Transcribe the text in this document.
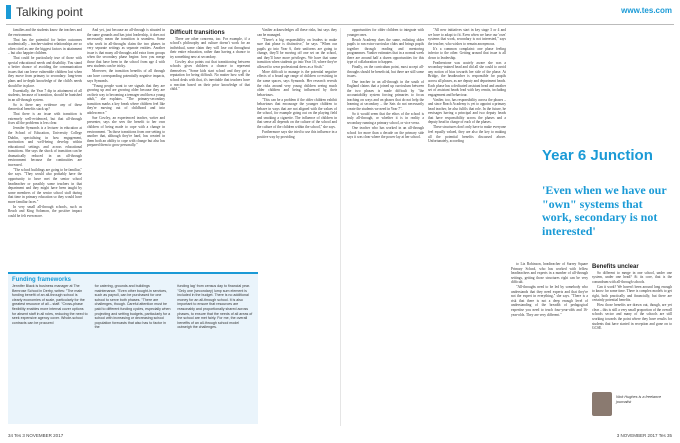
Talking point	www.tes.com

families and the students know the teachers and the environment.

That has the potential for better outcomes academically – teacher-student relationships are so often cited as one the biggest factors in attainment – but also happier children.

That could be particularly true of those with special educational needs and disability. You stand a better chance of avoiding the communication issues that can leave vulnerable children lost when they move from primary to secondary: long-term plans and in-depth knowledge of the child's needs should be in place.

Essentially, the Year 7 dip in attainment of all students, because of transition, should be banished in an all-through system.

So is there any evidence any of these theoretical benefits stack up?

That there is an issue with transition is extremely well-evidenced, but that all-through fixes all the problems is less clear.

Jennifer Symonds is a lecturer in education at the School of Education, University College Dublin, specialising in how engagement, motivation and well-being develop within educational settings and across educational transitions. She says the shock of transition can be dramatically reduced in an all-through environment because the continuities are increased.

"The school buildings are going to be familiar," she says. "They would also probably have the opportunity to have met the senior school headteacher or possibly some teachers in that department and they might have been taught by some members of the senior school staff during that time in primary education so they would have more familiar faces."

In very small all-through schools, such as Reach and King Solomon, the positive impact could be felt even more.

And yet, just because an all-through is situated in the same grounds and has joint leadership, it does not necessarily mean the transition is seamless. Some who work in all-throughs claim the two phases in very separate settings as separate entities. Another issue is that many all-throughs add extra form groups when the secondary phase begins: how you merge those that have been in the school from age 4 with new students can be tricky.

Moreover, the transition benefits of all through can have corresponding potentially negative impacts, says Symonds.

"Young people want to see signals that they are growing up and are growing older because they are on their way to becoming a teenager and then a young adult," she explains. "The primary-secondary transition marks a key break where children feel like they're moving out of childhood and into adolescence."

Sue Cowley, an experienced teacher, writer and presenter, says she sees the benefit to her own children of being made to cope with a change in environment. "In those transitions from one setting to another that, although they're hard, has created in them both an ability to cope with change but also has prepared them to grow personally."

Difficult transitions

There are other concerns, too. For example, if a school's philosophy and culture doesn't work for an individual, some claim they will lose out throughout their entire education, rather than having a chance to try something new at secondary.

Cowley also points out that transitioning between schools gives children a chance to represent themselves. "Some kids start school and they get a reputation for being difficult. No matter how well the school deals with that, it's inevitable that teachers have a reaction based on their prior knowledge of that child."

Vanlier acknowledges all these risks, but says they can be managed.

"There's a big responsibility on leaders to make sure that phase is distinctive," he says. "When our pupils go into Year 6, their uniforms are going to change, they'll be moving off one set on the school, and they'll have more privileges. We have that same transition when students go into Year 10, where they're allowed to wear professional dress as a Sixth."

More difficult to manage is the potential negative effects of a broad age range of children co-existing in the same spaces, says Symonds. Her research reveals the risks around very young children seeing much older children and being influenced by their behaviours.

"This can be a problem if the older children exhibit behaviours that encourage the younger children to behave in ways that are not aligned with the values of the school, for example going out on the playing field and smoking a cigarette. The influence of children in that sense all depends on the culture of the school and the culture of the children within the school," she says.

Furthermore says she tried to use this influence in a positive way by providing

Funding frameworks
Jennifer Black is business manager at The Bemrose School in Derby, writes: "The main funding benefit of an all-through school is clearly economies of scale, particularly for the greatest resource of all – staff. "Cross-phase flexibility enables more internal cover options for absent staff in all roles, reducing the need to seek expensive agency cover. Whole-school contracts can be procured
for catering, grounds and buildings maintenance. "Even other bought-in services, such as payroll, can be purchased for one school to serve both phases. "There are challenges, though. Careful attention must be paid to different funding cycles, especially when projecting and setting budgets, particularly for a school with increasing or decreasing school population forecasts that also has to factor in the
funding lag' from census day to financial year. "Only one (secondary) lump sum element is included in the budget. There is no additional money for an all-through school. It is also important to ensure that resources are reasonably and proportionally shared across phases, to ensure that the needs of all areas of the school are met fairly. For me, the overall benefits of an all-through school model outweigh the challenges.

opportunities for older children to integrate with younger ones.

Reach Academy does the same, enlisting older pupils to run extra-curricular clubs and brings pupils together through reading and mentoring programmes. Vanlier estimates that in a normal week there are around half a dozen opportunities for this type of collaboration to happen.

Finally, on the curriculum point, most accept all-throughs should be beneficial, but there are still some issues.

One teacher in an all-through in the south of England claims that a joined up curriculum between the two phases is made difficult by "the accountability system forcing primaries to focus teaching on ways and on phases that do not help the learning at secondary – the Sats do not necessarily create the students we need in Year 7".

So it would seem that the ethos of the school is truly all-through, or whether it is in reality a secondary running a primary school, or vice versa.

One teacher who has worked in an all-through school for more than a decade on the primary side says it was clear where the power lay at her school.

"All new initiatives start in key stage 3 or 4 and we have to adapt to fit. Even when we have our 'own' systems that work, secondary is not interested," says the teacher, who wishes to remain anonymous.

It's a common complaint: one phase feeling inferior to the other. Getting around that issue is all down to leadership.

Featherstone was acutely aware she was a secondary-trained head and did all she could to avoid any notion of bias towards her side of the phase. At Bridge, the headteacher is responsible for pupils across all phases, as are deputy and department heads. Each phase has a dedicated assistant head and another set of assistant heads lead with key remits, including engagement and behaviour.

Vanlier, too, has responsibility across the phases – and since Reach Academy is yet to appoint a primary head teacher, he also fulfils that role. In the future, he envisages having a principal and two deputy heads that have responsibility across the phases and a deputy head in charge of each of the phases.

These structures don't only have to make everyone feel equally valued, they are also the key to making all the potential benefits discussed above. Unfortunately, according

to Liz Robinson, headteacher of Surrey Square Primary School, who has worked with fellow headteachers and experts in a number of all-through settings, getting those structures right can be very difficult.

"All-throughs need to be led by somebody who understands that they need experts and that they're not the expert in everything," she says. "There is a risk that there is not a deep enough level of understanding of the breadth of pedagogical expertise you need to teach four-year-olds and 16-year-olds. They are very different."

Benefits unclear

So different to merge in one school, under one system, under one head? At its core, that is the conundrum with all-through schools.

Can it work? We haven't been around long enough to know for some time. There is complex models to get right, both practically and financially, but there are certainly potential benefits.

How those benefits are drawn out, though, are yet clear – this is still a very small proportion of the overall schools sector and many of the schools are still working towards the point where they have results for students that have started in reception and gone on to GCSE.

Year 6 Junction
'Even when we have our "own" systems that work, secondary is not interested'
Nick Hughes is a freelance journalist
34 Tes 3 NOVEMBER 2017	3 NOVEMBER 2017 Tes 35
